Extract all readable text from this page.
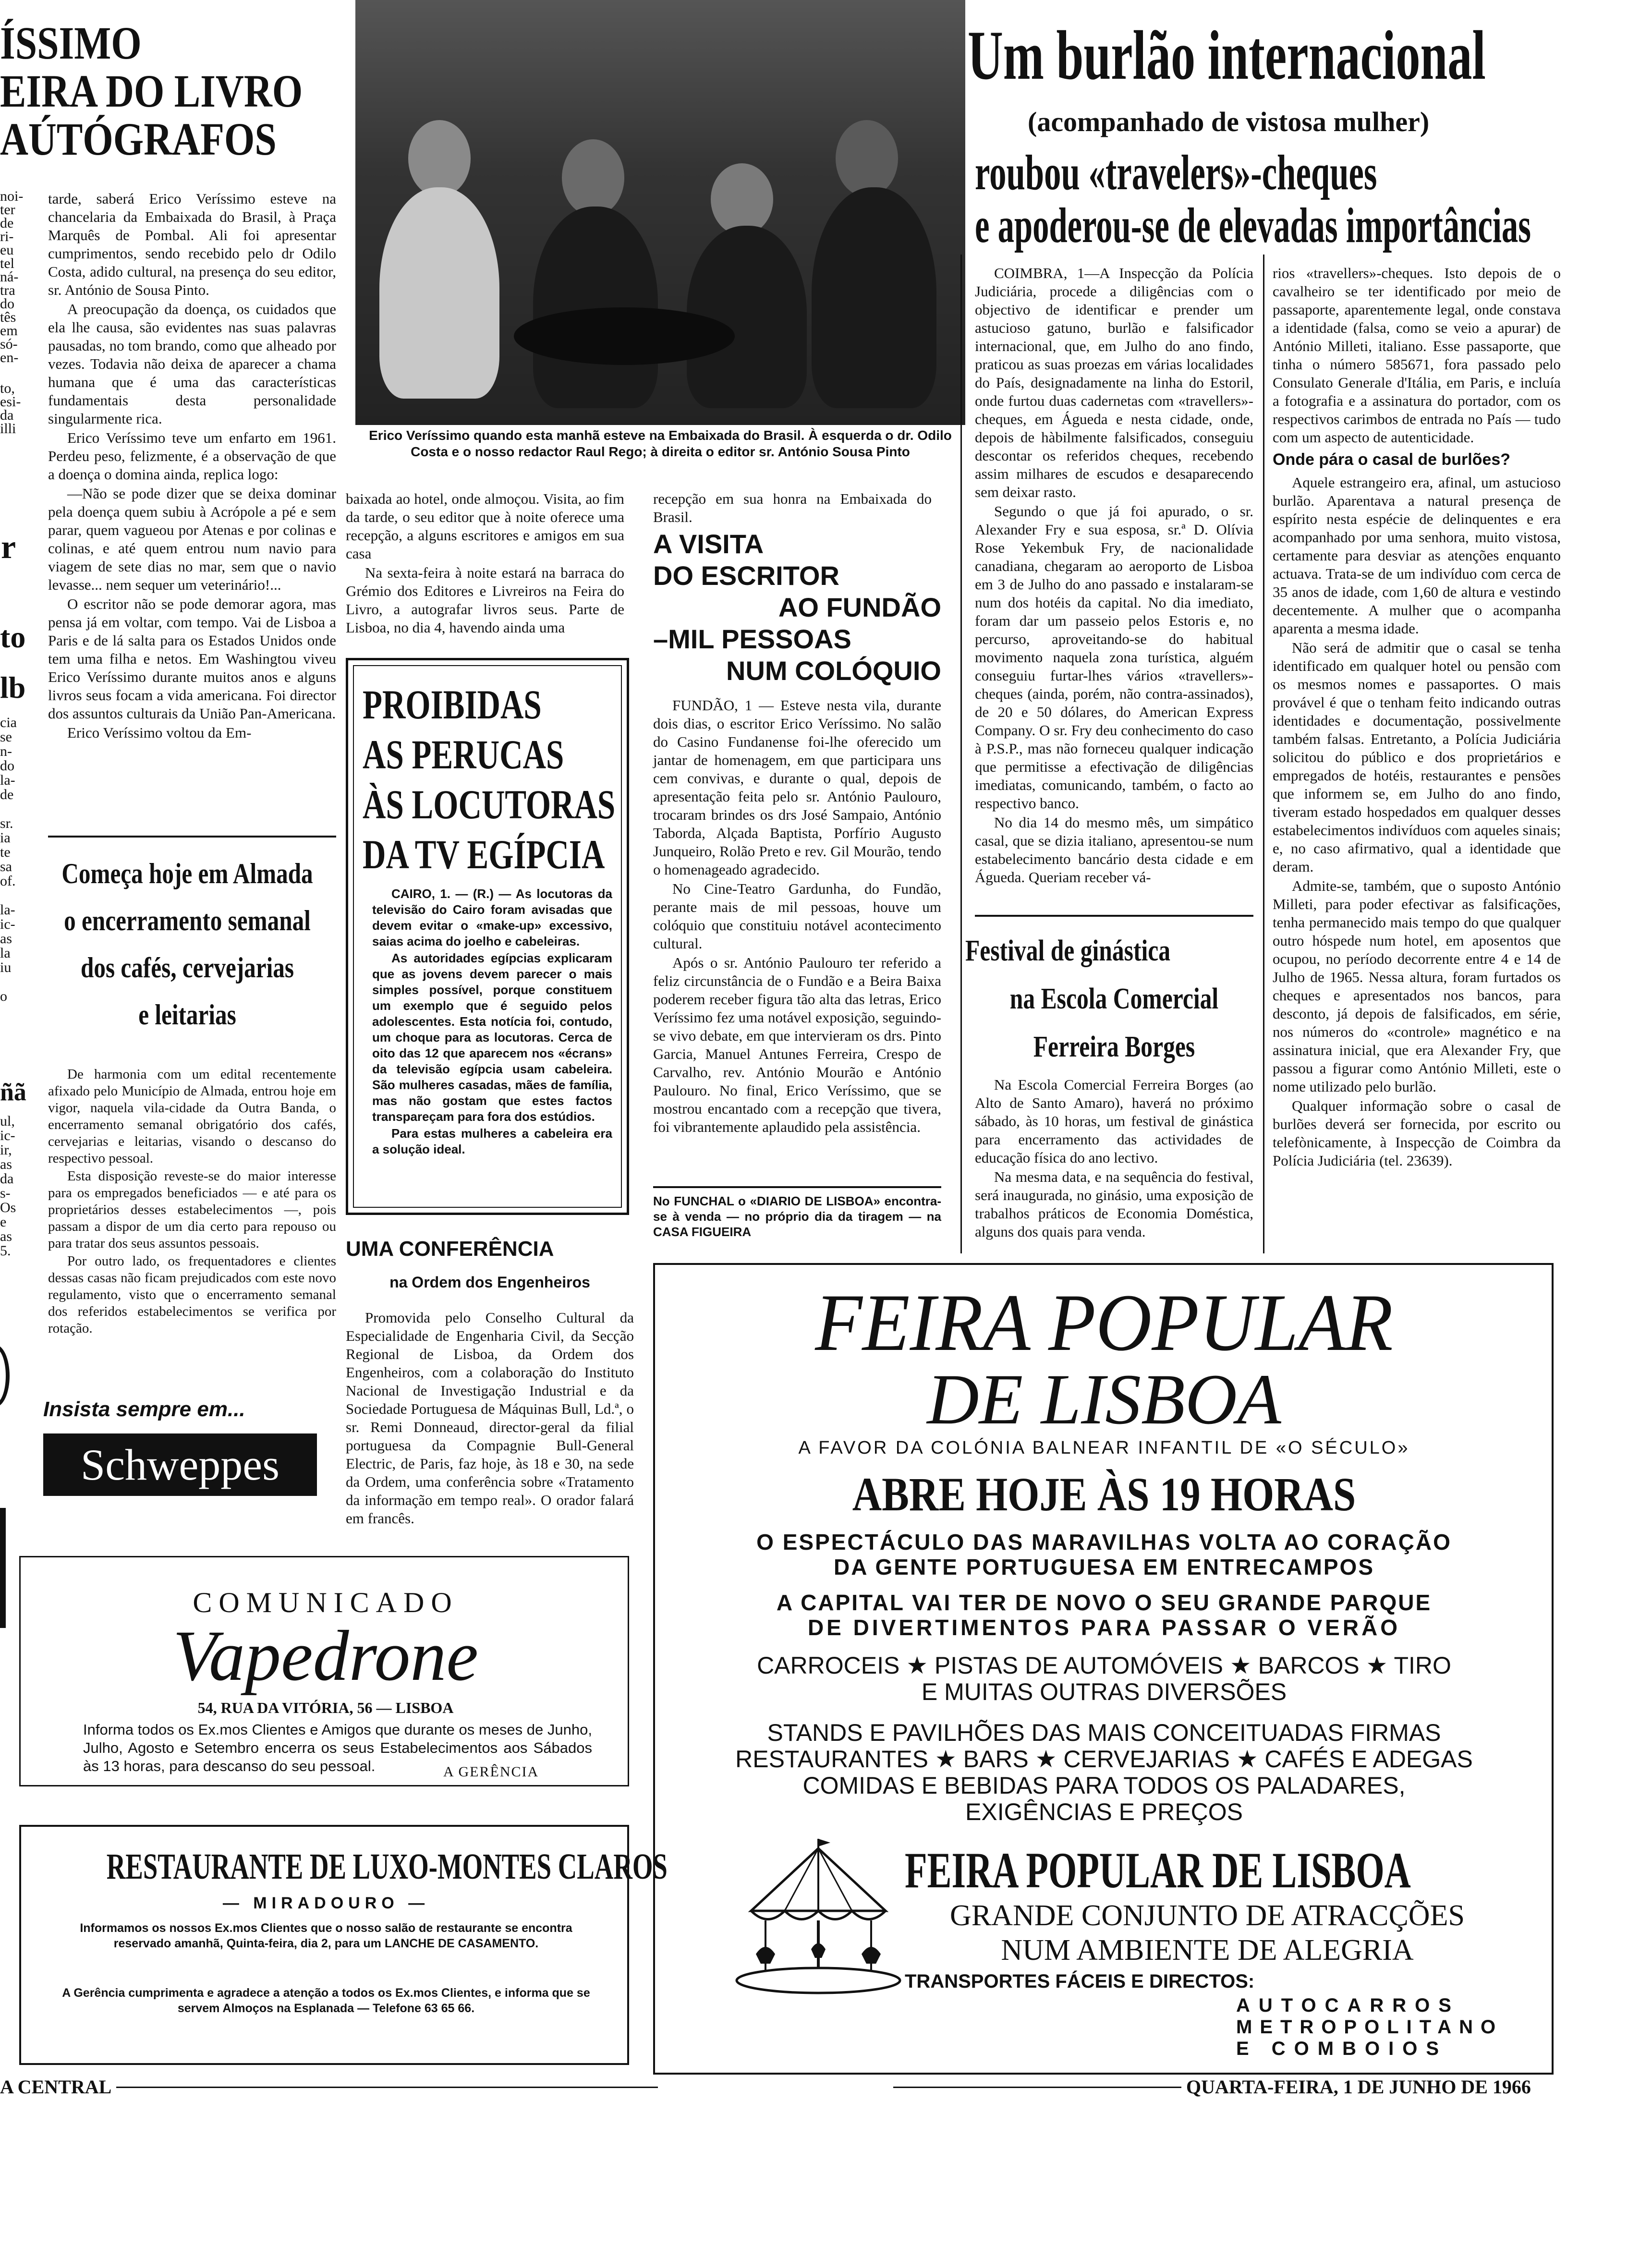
ÍSSIMO
EIRA DO LIVRO
AÚTÓGRAFOS
noi-
ter
de
ri-
eu
tel
ná-
tra
do
tês
em
só-
en-
to,
esi-
da
illi
r
to
lb
cia
se
n-
do
la-
de
sr.
ia
te
sa
of.
la-
ic-
as
la
iu
o
ñã
ul,
ic-
ir,
as
da
s-
Os
e
as
5.

tarde, saberá Erico Veríssimo esteve na chancelaria da Embaixada do Brasil, à Praça Marquês de Pombal. Ali foi apresentar cumprimentos, sendo recebido pelo dr Odilo Costa, adido cultural, na presença do seu editor, sr. António de Sousa Pinto.

A preocupação da doença, os cuidados que ela lhe causa, são evidentes nas suas palavras pausadas, no tom brando, como que alheado por vezes. Todavia não deixa de aparecer a chama humana que é uma das características fundamentais desta personalidade singularmente rica.

Erico Veríssimo teve um enfarto em 1961. Perdeu peso, felizmente, é a observação de que a doença o domina ainda, replica logo:

—Não se pode dizer que se deixa dominar pela doença quem subiu à Acrópole a pé e sem parar, quem vagueou por Atenas e por colinas e colinas, e até quem entrou num navio para viagem de sete dias no mar, sem que o navio levasse... nem sequer um veterinário!...

O escritor não se pode demorar agora, mas pensa já em voltar, com tempo. Vai de Lisboa a Paris e de lá salta para os Estados Unidos onde tem uma filha e netos. Em Washingtou viveu Erico Veríssimo durante muitos anos e alguns livros seus focam a vida americana. Foi director dos assuntos culturais da União Pan-Americana.

Erico Veríssimo voltou da Em-

Erico Veríssimo quando esta manhã esteve na Embaixada do Brasil. À esquerda o dr. Odilo Costa e o nosso redactor Raul Rego; à direita o editor sr. António Sousa Pinto

baixada ao hotel, onde almoçou. Visita, ao fim da tarde, o seu editor que à noite oferece uma recepção, a alguns escritores e amigos em sua casa

Na sexta-feira à noite estará na barraca do Grémio dos Editores e Livreiros na Feira do Livro, a autografar livros seus. Parte de Lisboa, no dia 4, havendo ainda uma

recepção em sua honra na Embaixada do Brasil.

Começa hoje em Almada
o encerramento semanal
dos cafés, cervejarias
e leitarias

De harmonia com um edital recentemente afixado pelo Município de Almada, entrou hoje em vigor, naquela vila-cidade da Outra Banda, o encerramento semanal obrigatório dos cafés, cervejarias e leitarias, visando o descanso do respectivo pessoal.

Esta disposição reveste-se do maior interesse para os empregados beneficiados — e até para os proprietários desses estabelecimentos —, pois passam a dispor de um dia certo para repouso ou para tratar dos seus assuntos pessoais.

Por outro lado, os frequentadores e clientes dessas casas não ficam prejudicados com este novo regulamento, visto que o encerramento semanal dos referidos estabelecimentos se verifica por rotação.

PROIBIDAS
AS PERUCAS
ÀS LOCUTORAS
DA TV EGÍPCIA

CAIRO, 1. — (R.) — As locutoras da televisão do Cairo foram avisadas que devem evitar o «make-up» excessivo, saias acima do joelho e cabeleiras.

As autoridades egípcias explicaram que as jovens devem parecer o mais simples possível, porque constituem um exemplo que é seguido pelos adolescentes. Esta notícia foi, contudo, um choque para as locutoras. Cerca de oito das 12 que aparecem nos «écrans» da televisão egípcia usam cabeleira. São mulheres casadas, mães de família, mas não gostam que estes factos transpareçam para fora dos estúdios.

Para estas mulheres a cabeleira era a solução ideal.

A VISITA
DO ESCRITOR
AO FUNDÃO
–MIL PESSOAS
NUM COLÓQUIO

FUNDÃO, 1 — Esteve nesta vila, durante dois dias, o escritor Erico Veríssimo. No salão do Casino Fundanense foi-lhe oferecido um jantar de homenagem, em que participara uns cem convivas, e durante o qual, depois de apresentação feita pelo sr. António Paulouro, trocaram brindes os drs José Sampaio, António Taborda, Alçada Baptista, Porfírio Augusto Junqueiro, Rolão Preto e rev. Gil Mourão, tendo o homenageado agradecido.

No Cine-Teatro Gardunha, do Fundão, perante mais de mil pessoas, houve um colóquio que constituiu notável acontecimento cultural.

Após o sr. António Paulouro ter referido a feliz circunstância de o Fundão e a Beira Baixa poderem receber figura tão alta das letras, Erico Veríssimo fez uma notável exposição, seguindo-se vivo debate, em que intervieram os drs. Pinto Garcia, Manuel Antunes Ferreira, Crespo de Carvalho, rev. António Mourão e António Paulouro. No final, Erico Veríssimo, que se mostrou encantado com a recepção que tivera, foi vibrantemente aplaudido pela assistência.

No FUNCHAL o «DIARIO DE LISBOA» encontra-se à venda — no próprio dia da tiragem — na CASA FIGUEIRA
UMA CONFERÊNCIA
na Ordem dos Engenheiros

Promovida pelo Conselho Cultural da Especialidade de Engenharia Civil, da Secção Regional de Lisboa, da Ordem dos Engenheiros, com a colaboração do Instituto Nacional de Investigação Industrial e da Sociedade Portuguesa de Máquinas Bull, Ld.ª, o sr. Remi Donneaud, director-geral da filial portuguesa da Compagnie Bull-General Electric, de Paris, faz hoje, às 18 e 30, na sede da Ordem, uma conferência sobre «Tratamento da informação em tempo real». O orador falará em francês.

Insista sempre em...
Schweppes
COMUNICADO
Vapedrone
54, RUA DA VITÓRIA, 56 — LISBOA
Informa todos os Ex.mos Clientes e Amigos que durante os meses de Junho, Julho, Agosto e Setembro encerra os seus Estabelecimentos aos Sábados às 13 horas, para descanso do seu pessoal.	A GERÊNCIA
RESTAURANTE DE LUXO-MONTES CLAROS
— MIRADOURO —
Informamos os nossos Ex.mos Clientes que o nosso salão de restaurante se encontra reservado amanhã, Quinta-feira, dia 2, para um LANCHE DE CASAMENTO.
A Gerência cumprimenta e agradece a atenção a todos os Ex.mos Clientes, e informa que se servem Almoços na Esplanada — Telefone 63 65 66.
Um burlão internacional
(acompanhado de vistosa mulher)
roubou «travelers»-cheques
e apoderou-se de elevadas importâncias

COIMBRA, 1—A Inspecção da Polícia Judiciária, procede a diligências com o objectivo de identificar e prender um astucioso gatuno, burlão e falsificador internacional, que, em Julho do ano findo, praticou as suas proezas em várias localidades do País, designadamente na linha do Estoril, onde furtou duas cadernetas com «travellers»-cheques, em Águeda e nesta cidade, onde, depois de hàbilmente falsificados, conseguiu descontar os referidos cheques, recebendo assim milhares de escudos e desaparecendo sem deixar rasto.

Segundo o que já foi apurado, o sr. Alexander Fry e sua esposa, sr.ª D. Olívia Rose Yekembuk Fry, de nacionalidade canadiana, chegaram ao aeroporto de Lisboa em 3 de Julho do ano passado e instalaram-se num dos hotéis da capital. No dia imediato, foram dar um passeio pelos Estoris e, no percurso, aproveitando-se do habitual movimento naquela zona turística, alguém conseguiu furtar-lhes vários «travellers»-cheques (ainda, porém, não contra-assinados), de 20 e 50 dólares, do American Express Company. O sr. Fry deu conhecimento do caso à P.S.P., mas não forneceu qualquer indicação que permitisse a efectivação de diligências imediatas, comunicando, também, o facto ao respectivo banco.

No dia 14 do mesmo mês, um simpático casal, que se dizia italiano, apresentou-se num estabelecimento bancário desta cidade e em Águeda. Queriam receber vá-

rios «travellers»-cheques. Isto depois de o cavalheiro se ter identificado por meio de passaporte, aparentemente legal, onde constava a identidade (falsa, como se veio a apurar) de António Milleti, italiano. Esse passaporte, que tinha o número 585671, fora passado pelo Consulato Generale d'Itália, em Paris, e incluía a fotografia e a assinatura do portador, com os respectivos carimbos de entrada no País — tudo com um aspecto de autenticidade.

Onde pára o casal de burlões?

Aquele estrangeiro era, afinal, um astucioso burlão. Aparentava a natural presença de espírito nesta espécie de delinquentes e era acompanhado por uma senhora, muito vistosa, certamente para desviar as atenções enquanto actuava. Trata-se de um indivíduo com cerca de 35 anos de idade, com 1,60 de altura e vestindo decentemente. A mulher que o acompanha aparenta a mesma idade.

Não será de admitir que o casal se tenha identificado em qualquer hotel ou pensão com os mesmos nomes e passaportes. O mais provável é que o tenham feito indicando outras identidades e documentação, possivelmente também falsas. Entretanto, a Polícia Judiciária solicitou do público e dos proprietários e empregados de hotéis, restaurantes e pensões que informem se, em Julho do ano findo, tiveram estado hospedados em qualquer desses estabelecimentos indivíduos com aqueles sinais; e, no caso afirmativo, qual a identidade que deram.

Admite-se, também, que o suposto António Milleti, para poder efectivar as falsificações, tenha permanecido mais tempo do que qualquer outro hóspede num hotel, em aposentos que ocupou, no período decorrente entre 4 e 14 de Julho de 1965. Nessa altura, foram furtados os cheques e apresentados nos bancos, para desconto, já depois de falsificados, em série, nos números do «controle» magnético e na assinatura inicial, que era Alexander Fry, que passou a figurar como António Milleti, este o nome utilizado pelo burlão.

Qualquer informação sobre o casal de burlões deverá ser fornecida, por escrito ou telefònicamente, à Inspecção de Coimbra da Polícia Judiciária (tel. 23639).

Festival de ginástica
na Escola Comercial
Ferreira Borges

Na Escola Comercial Ferreira Borges (ao Alto de Santo Amaro), haverá no próximo sábado, às 10 horas, um festival de ginástica para encerramento das actividades de educação física do ano lectivo.

Na mesma data, e na sequência do festival, será inaugurada, no ginásio, uma exposição de trabalhos práticos de Economia Doméstica, alguns dos quais para venda.

FEIRA POPULAR
DE LISBOA
A FAVOR DA COLÓNIA BALNEAR INFANTIL DE «O SÉCULO»
ABRE HOJE ÀS 19 HORAS
O ESPECTÁCULO DAS MARAVILHAS VOLTA AO CORAÇÃO
DA GENTE PORTUGUESA EM ENTRECAMPOS
A CAPITAL VAI TER DE NOVO O SEU GRANDE PARQUE
DE DIVERTIMENTOS PARA PASSAR O VERÃO
CARROCEIS ★ PISTAS DE AUTOMÓVEIS ★ BARCOS ★ TIRO
E MUITAS OUTRAS DIVERSÕES
STANDS E PAVILHÕES DAS MAIS CONCEITUADAS FIRMAS
RESTAURANTES ★ BARS ★ CERVEJARIAS ★ CAFÉS E ADEGAS
COMIDAS E BEBIDAS PARA TODOS OS PALADARES,
EXIGÊNCIAS E PREÇOS
FEIRA POPULAR DE LISBOA
GRANDE CONJUNTO DE ATRACÇÕES
NUM AMBIENTE DE ALEGRIA
TRANSPORTES FÁCEIS E DIRECTOS:
AUTOCARROS
METROPOLITANO
E COMBOIOS
A CENTRAL	QUARTA-FEIRA, 1 DE JUNHO DE 1966
